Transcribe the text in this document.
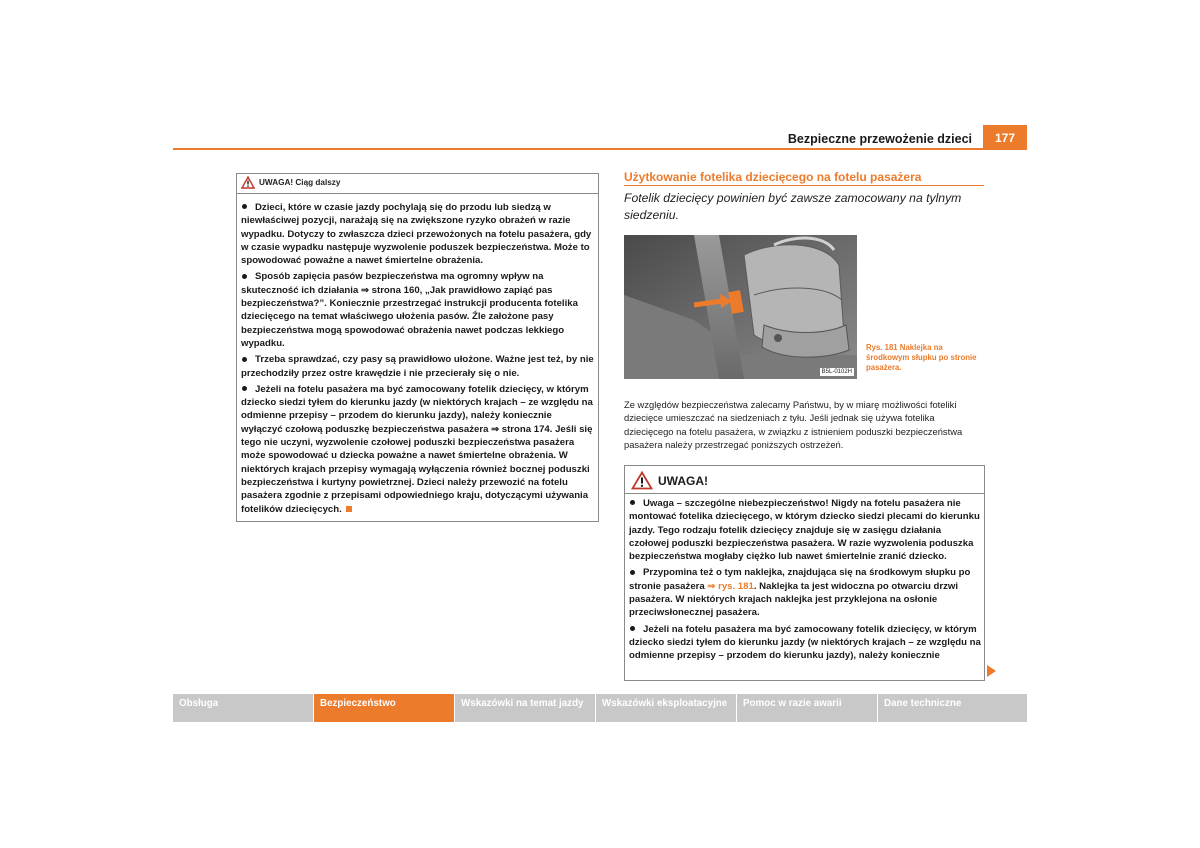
Bezpieczne przewożenie dzieci	177
UWAGA! Ciąg dalszy

Dzieci, które w czasie jazdy pochylają się do przodu lub siedzą w niewłaściwej pozycji, narażają się na zwiększone ryzyko obrażeń w razie wypadku. Dotyczy to zwłaszcza dzieci przewożonych na fotelu pasażera, gdy w czasie wypadku następuje wyzwolenie poduszek bezpieczeństwa. Może to spowodować poważne a nawet śmiertelne obrażenia.

Sposób zapięcia pasów bezpieczeństwa ma ogromny wpływ na skuteczność ich działania ⇒ strona 160, „Jak prawidłowo zapiąć pas bezpieczeństwa?”. Koniecznie przestrzegać instrukcji producenta fotelika dziecięcego na temat właściwego ułożenia pasów. Źle założone pasy bezpieczeństwa mogą spowodować obrażenia nawet podczas lekkiego wypadku.

Trzeba sprawdzać, czy pasy są prawidłowo ułożone. Ważne jest też, by nie przechodziły przez ostre krawędzie i nie przecierały się o nie.

Jeżeli na fotelu pasażera ma być zamocowany fotelik dziecięcy, w którym dziecko siedzi tyłem do kierunku jazdy (w niektórych krajach – ze względu na odmienne przepisy – przodem do kierunku jazdy), należy koniecznie wyłączyć czołową poduszkę bezpieczeństwa pasażera ⇒ strona 174. Jeśli się tego nie uczyni, wyzwolenie czołowej poduszki bezpieczeństwa pasażera może spowodować u dziecka poważne a nawet śmiertelne obrażenia. W niektórych krajach przepisy wymagają wyłączenia również bocznej poduszki bezpieczeństwa i kurtyny powietrznej. Dzieci należy przewozić na fotelu pasażera zgodnie z przepisami odpowiedniego kraju, dotyczącymi używania fotelików dziecięcych.

Użytkowanie fotelika dziecięcego na fotelu pasażera
Fotelik dziecięcy powinien być zawsze zamocowany na tylnym siedzeniu.
B5L-0102H
Rys. 181 Naklejka na środkowym słupku po stronie pasażera.
Ze względów bezpieczeństwa zalecamy Państwu, by w miarę możliwości foteliki dziecięce umieszczać na siedzeniach z tyłu. Jeśli jednak się używa fotelika dziecięcego na fotelu pasażera, w związku z istnieniem poduszki bezpieczeństwa pasażera należy przestrzegać poniższych ostrzeżeń.
UWAGA!

Uwaga – szczególne niebezpieczeństwo! Nigdy na fotelu pasażera nie montować fotelika dziecięcego, w którym dziecko siedzi plecami do kierunku jazdy. Tego rodzaju fotelik dziecięcy znajduje się w zasięgu działania czołowej poduszki bezpieczeństwa pasażera. W razie wyzwolenia poduszka bezpieczeństwa mogłaby ciężko lub nawet śmiertelnie zranić dziecko.

Przypomina też o tym naklejka, znajdująca się na środkowym słupku po stronie pasażera ⇒ rys. 181. Naklejka ta jest widoczna po otwarciu drzwi pasażera. W niektórych krajach naklejka jest przyklejona na osłonie przeciwsłonecznej pasażera.

Jeżeli na fotelu pasażera ma być zamocowany fotelik dziecięcy, w którym dziecko siedzi tyłem do kierunku jazdy (w niektórych krajach – ze względu na odmienne przepisy – przodem do kierunku jazdy), należy koniecznie

Obsługa	Bezpieczeństwo	Wskazówki na temat jazdy	Wskazówki eksploatacyjne	Pomoc w razie awarii	Dane techniczne
